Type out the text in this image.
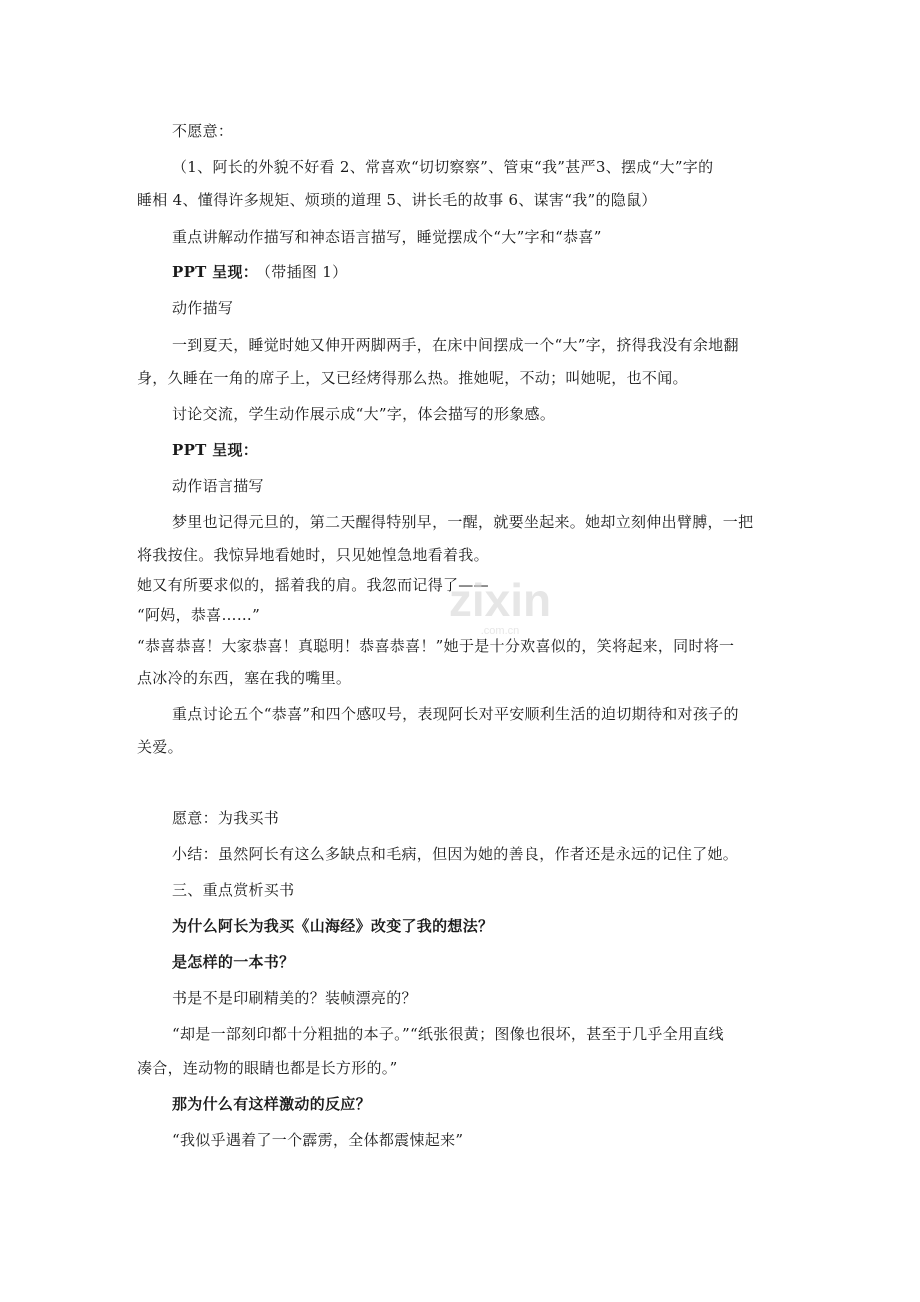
不愿意：
（1、阿长的外貌不好看 2、常喜欢“切切察察”、管束“我”甚严3、摆成“大”字的
睡相 4、懂得许多规矩、烦琐的道理 5、讲长毛的故事 6、谋害“我”的隐鼠）
重点讲解动作描写和神态语言描写，睡觉摆成个“大”字和“恭喜”
PPT 呈现：
（带插图 1）
动作描写
一到夏天，睡觉时她又伸开两脚两手，在床中间摆成一个“大”字，挤得我没有余地翻
身，久睡在一角的席子上，又已经烤得那么热。推她呢，不动；叫她呢，也不闻。
讨论交流，学生动作展示成“大”字，体会描写的形象感。
PPT 呈现：
动作语言描写
梦里也记得元旦的，第二天醒得特别早，一醒，就要坐起来。她却立刻伸出臂膊，一把
将我按住。我惊异地看她时，只见她惶急地看着我。
她又有所要求似的，摇着我的肩。我忽而记得了——
“阿妈，恭喜……”
“恭喜恭喜！大家恭喜！真聪明！恭喜恭喜！”她于是十分欢喜似的，笑将起来，同时将一
点冰冷的东西，塞在我的嘴里。
重点讨论五个“恭喜”和四个感叹号，表现阿长对平安顺利生活的迫切期待和对孩子的
关爱。
愿意：为我买书
小结：虽然阿长有这么多缺点和毛病，但因为她的善良，作者还是永远的记住了她。
三、重点赏析买书
为什么阿长为我买《山海经》改变了我的想法？
是怎样的一本书？
书是不是印刷精美的？装帧漂亮的？
“却是一部刻印都十分粗拙的本子。”“纸张很黄；图像也很坏，甚至于几乎全用直线
凑合，连动物的眼睛也都是长方形的。”
那为什么有这样激动的反应？
“我似乎遇着了一个霹雳，全体都震悚起来”
zixin
.com.cn
